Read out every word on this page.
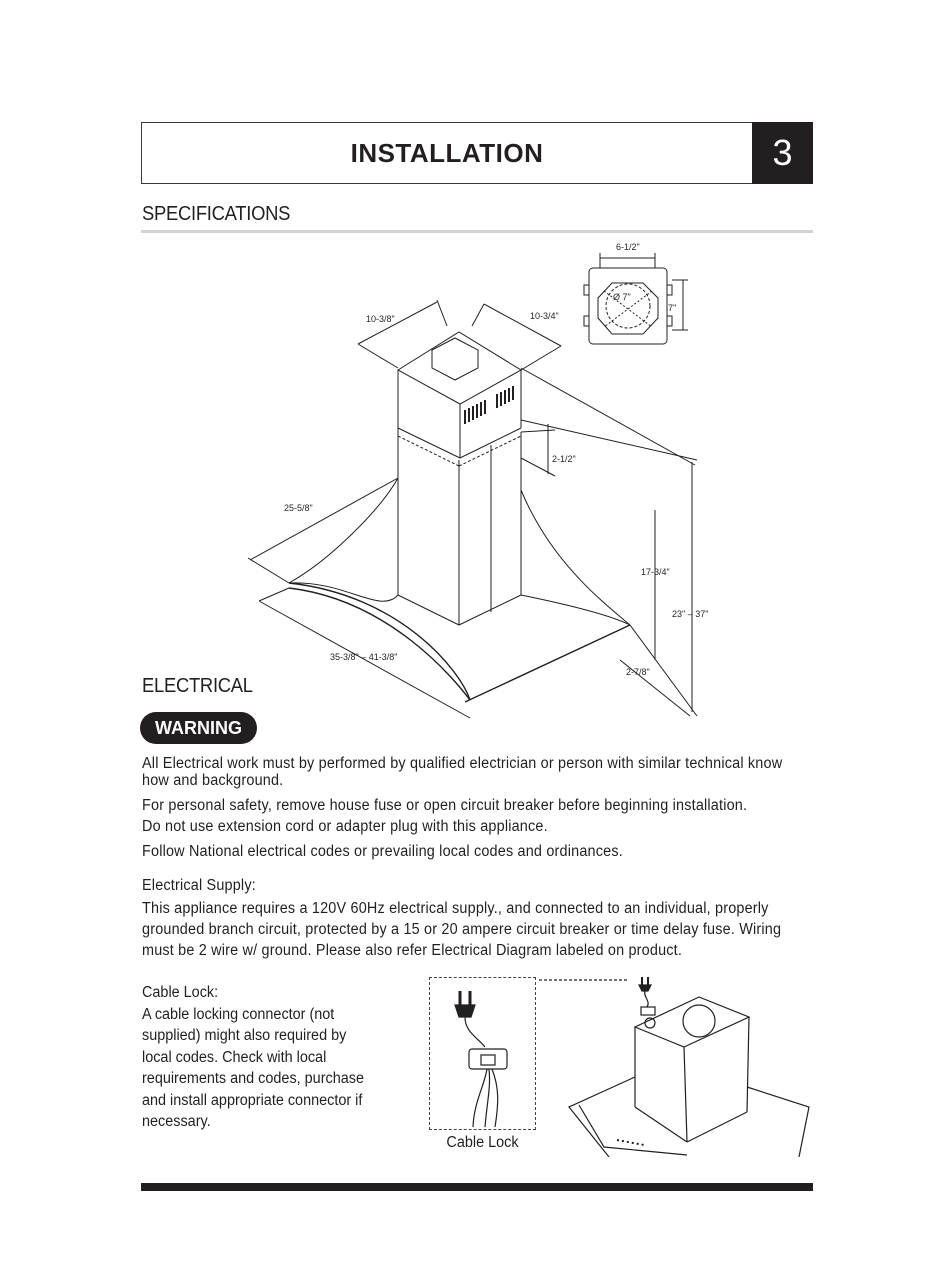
INSTALLATION	3
SPECIFICATIONS
6-1/2"
Ø 7"
7"
10-3/8"	10-3/4"
2-1/2"
25-5/8"
17-3/4"
23" – 37"
35-3/8" – 41-3/8"
2-7/8"
ELECTRICAL
WARNING
All Electrical work must by performed by qualified electrician or person with similar technical know how and background.
For personal safety, remove house fuse or open circuit breaker before beginning installation.
Do not use extension cord or adapter plug with this appliance.
Follow National electrical codes or prevailing local codes and ordinances.
Electrical Supply:
This appliance requires a 120V 60Hz electrical supply., and connected to an individual, properly grounded branch circuit, protected by a 15 or 20 ampere circuit breaker or time delay fuse. Wiring must be 2 wire w/ ground. Please also refer Electrical Diagram labeled on product.
Cable Lock:
A cable locking connector (not supplied) might also required by local codes. Check with local requirements and codes, purchase and install appropriate connector if necessary.
Cable Lock
